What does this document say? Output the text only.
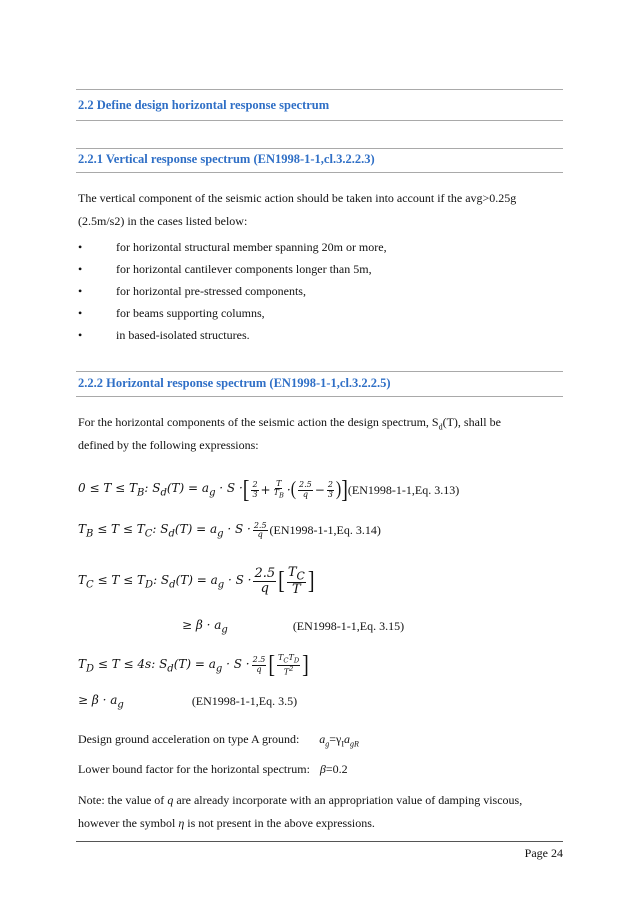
2.2 Define design horizontal response spectrum
2.2.1 Vertical response spectrum (EN1998-1-1,cl.3.2.2.3)
The vertical component of the seismic action should be taken into account if the avg>0.25g
(2.5m/s2) in the cases listed below:
•	for horizontal structural member spanning 20m or more,
•	for horizontal cantilever components longer than 5m,
•	for horizontal pre-stressed components,
•	for beams supporting columns,
•	in based-isolated structures.
2.2.2 Horizontal response spectrum (EN1998-1-1,cl.3.2.2.5)
For the horizontal components of the seismic action the design spectrum, $S_d(T)$, shall be
defined by the following expressions:
$0 \le T \le T_B$: $S_d(T) = a_g \cdot S$ · [ $\frac{2}{3} + \frac{T}{T_B}$ · ( $\frac{2.5}{q} - \frac{2}{3}$ ) ] (EN1998-1-1,Eq. 3.13)
$T_B \le T \le T_C$: $S_d(T) = a_g \cdot S \cdot \frac{2.5}{q} (EN1998-1-1,Eq$. 3.14)
$T_C \le T \le T_D$: $S_d(T) = a_g \cdot S \cdot \frac{2.5}{q}$ [ $\frac{T_C}{T}$ ]
≥ $\beta \cdot a_g$	(EN1998-1-1,Eq. 3.15)
$T_D \le T \le 4s$: $S_d(T) = a_g \cdot S \cdot \frac{2.5}{q}$ [ $\frac{T_CT_D}{T^2}$ ]
≥ $\beta \cdot a_g$	(EN1998-1-1,Eq. 3.5)
Design ground acceleration on type A ground: $a_g=\gamma_Ia_{gR}$
Lower bound factor for the horizontal spectrum: β=0.2
Note: the value of q are already incorporate with an appropriation value of damping viscous,
however the symbol η is not present in the above expressions.
Page 24
